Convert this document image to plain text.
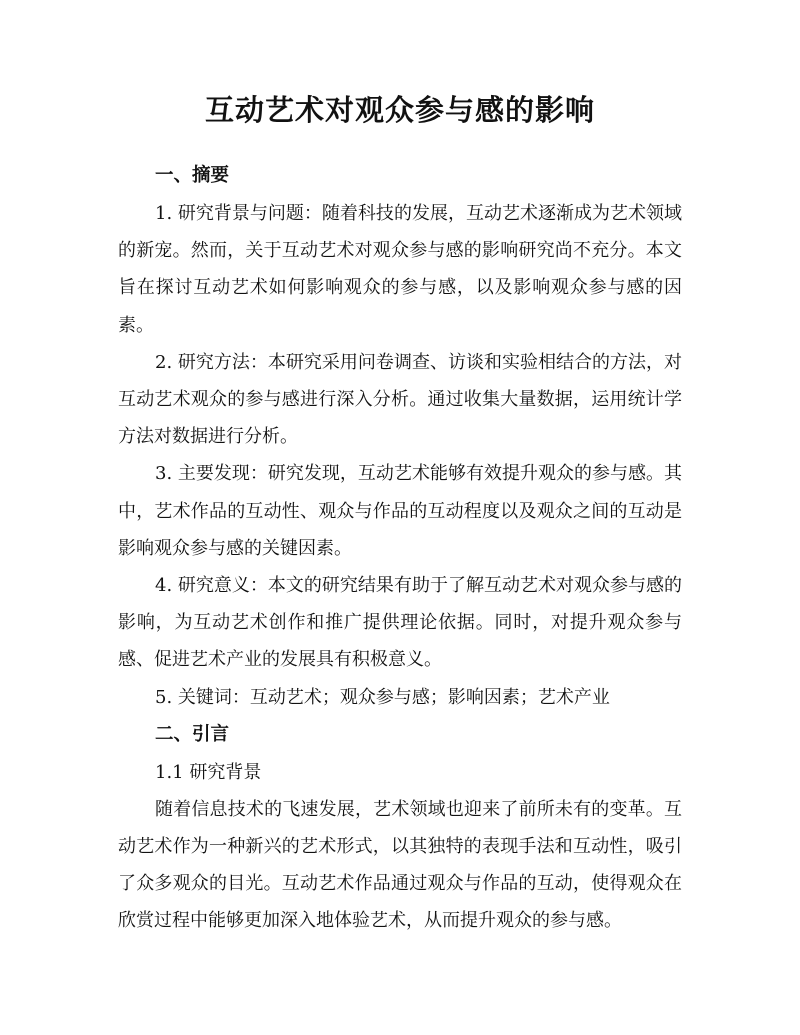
互动艺术对观众参与感的影响
一、摘要

1. 研究背景与问题：随着科技的发展，互动艺术逐渐成为艺术领域的新宠。然而，关于互动艺术对观众参与感的影响研究尚不充分。本文旨在探讨互动艺术如何影响观众的参与感，以及影响观众参与感的因素。

2. 研究方法：本研究采用问卷调查、访谈和实验相结合的方法，对互动艺术观众的参与感进行深入分析。通过收集大量数据，运用统计学方法对数据进行分析。

3. 主要发现：研究发现，互动艺术能够有效提升观众的参与感。其中，艺术作品的互动性、观众与作品的互动程度以及观众之间的互动是影响观众参与感的关键因素。

4. 研究意义：本文的研究结果有助于了解互动艺术对观众参与感的影响，为互动艺术创作和推广提供理论依据。同时，对提升观众参与感、促进艺术产业的发展具有积极意义。

5. 关键词：互动艺术；观众参与感；影响因素；艺术产业

二、引言
1.1 研究背景

随着信息技术的飞速发展，艺术领域也迎来了前所未有的变革。互动艺术作为一种新兴的艺术形式，以其独特的表现手法和互动性，吸引了众多观众的目光。互动艺术作品通过观众与作品的互动，使得观众在欣赏过程中能够更加深入地体验艺术，从而提升观众的参与感。
